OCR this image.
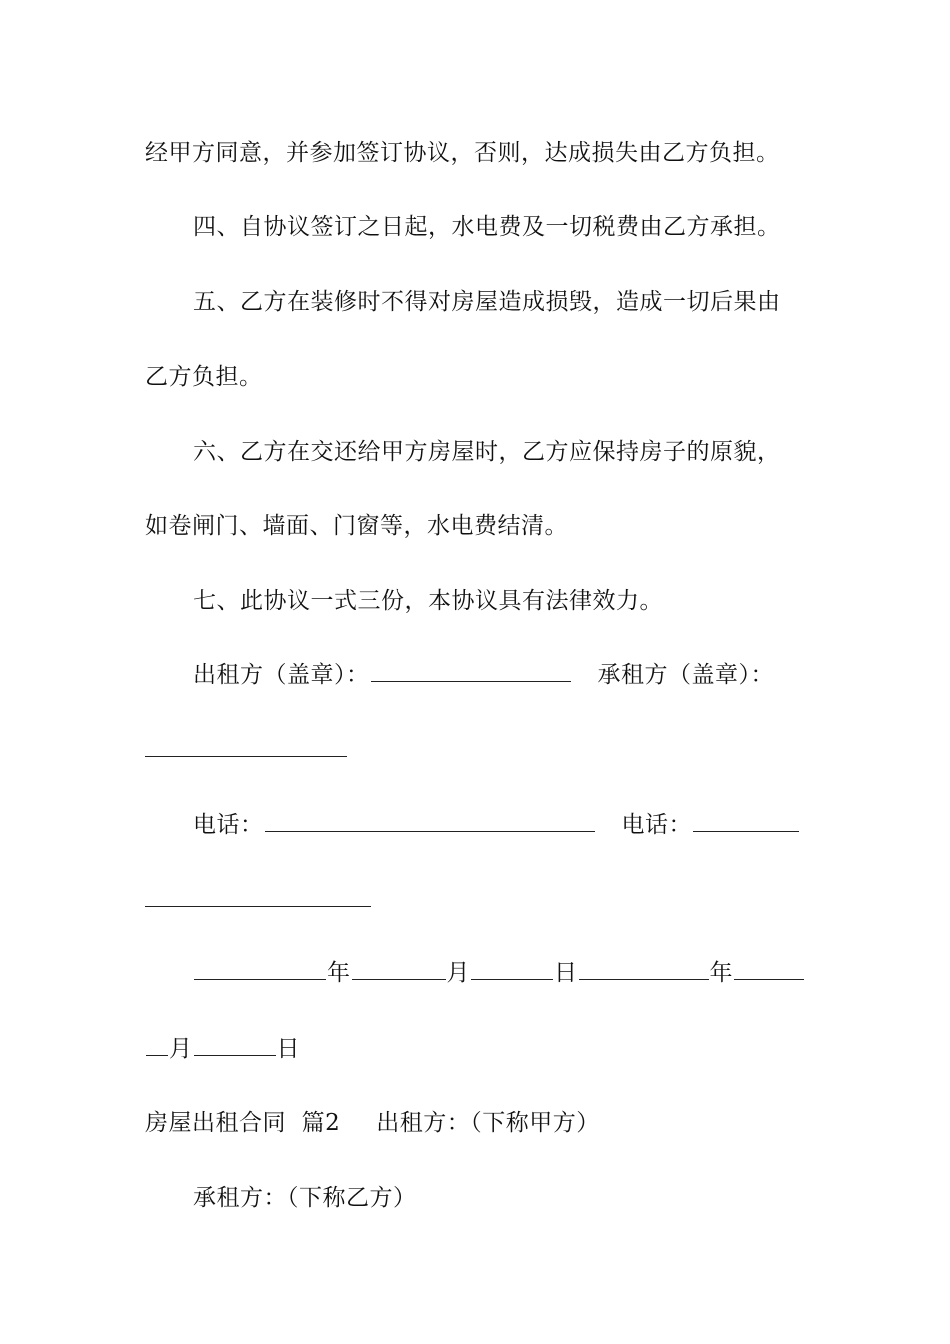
经甲方同意，并参加签订协议，否则，达成损失由乙方负担。
四、自协议签订之日起，水电费及一切税费由乙方承担。
五、乙方在装修时不得对房屋造成损毁，造成一切后果由
乙方负担。
六、乙方在交还给甲方房屋时，乙方应保持房子的原貌，
如卷闸门、墙面、门窗等，水电费结清。
七、此协议一式三份，本协议具有法律效力。
出租方（盖章）：	承租方（盖章）：
电话：	电话：
年	月	日	年
月	日
房屋出租合同  篇2 出租方：（下称甲方）
承租方：（下称乙方）
